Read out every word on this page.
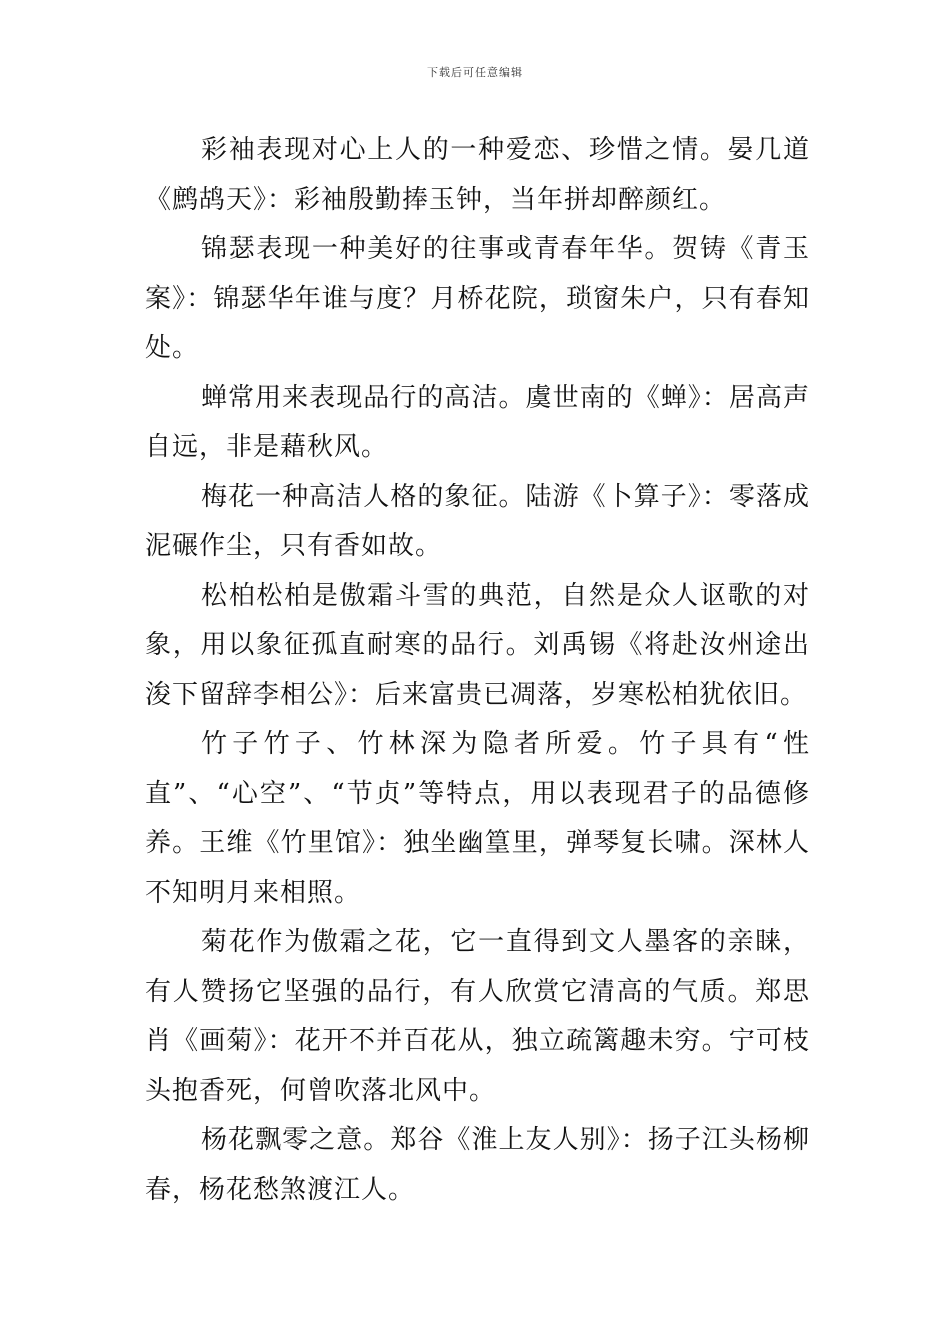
下载后可任意编辑

彩袖表现对心上人的一种爱恋、珍惜之情。晏几道《鹧鸪天》：彩袖殷勤捧玉钟，当年拼却醉颜红。

锦瑟表现一种美好的往事或青春年华。贺铸《青玉案》：锦瑟华年谁与度？月桥花院，琐窗朱户，只有春知处。

蝉常用来表现品行的高洁。虞世南的《蝉》：居高声自远，非是藉秋风。

梅花一种高洁人格的象征。陆游《卜算子》：零落成泥碾作尘，只有香如故。

松柏松柏是傲霜斗雪的典范，自然是众人讴歌的对象，用以象征孤直耐寒的品行。刘禹锡《将赴汝州途出浚下留辞李相公》：后来富贵已凋落，岁寒松柏犹依旧。

竹子竹子、竹林深为隐者所爱。竹子具有“性直”、“心空”、“节贞”等特点，用以表现君子的品德修养。王维《竹里馆》：独坐幽篁里，弹琴复长啸。深林人不知明月来相照。

菊花作为傲霜之花，它一直得到文人墨客的亲睐，有人赞扬它坚强的品行，有人欣赏它清高的气质。郑思肖《画菊》：花开不并百花从，独立疏篱趣未穷。宁可枝头抱香死，何曾吹落北风中。

杨花飘零之意。郑谷《淮上友人别》：扬子江头杨柳春，杨花愁煞渡江人。
